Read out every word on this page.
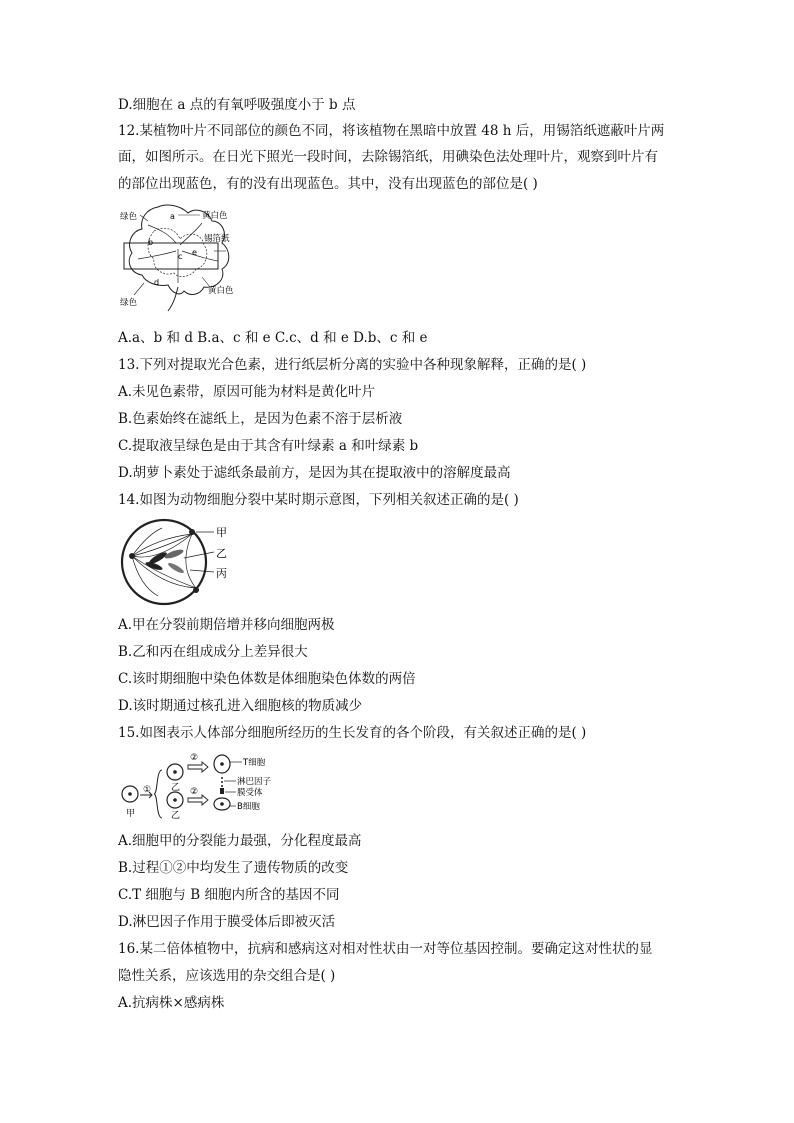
D.细胞在 a 点的有氧呼吸强度小于 b 点
12.某植物叶片不同部位的颜色不同，将该植物在黑暗中放置 48 h 后，用锡箔纸遮蔽叶片两
面，如图所示。在日光下照光一段时间，去除锡箔纸，用碘染色法处理叶片，观察到叶片有
的部位出现蓝色，有的没有出现蓝色。其中，没有出现蓝色的部位是( )
绿色	黄白色
锡箔纸
黄白色
绿色
a
b
c
d
e
A.a、b 和 d B.a、c 和 e C.c、d 和 e D.b、c 和 e
13.下列对提取光合色素，进行纸层析分离的实验中各种现象解释，正确的是( )
A.未见色素带，原因可能为材料是黄化叶片
B.色素始终在滤纸上，是因为色素不溶于层析液
C.提取液呈绿色是由于其含有叶绿素 a 和叶绿素 b
D.胡萝卜素处于滤纸条最前方，是因为其在提取液中的溶解度最高
14.如图为动物细胞分裂中某时期示意图，下列相关叙述正确的是( )
甲
乙
丙
A.甲在分裂前期倍增并移向细胞两极
B.乙和丙在组成成分上差异很大
C.该时期细胞中染色体数是体细胞染色体数的两倍
D.该时期通过核孔进入细胞核的物质减少
15.如图表示人体部分细胞所经历的生长发育的各个阶段，有关叙述正确的是( )
甲
① 乙
乙
②
②
T细胞
淋巴因子
膜受体
B细胞
A.细胞甲的分裂能力最强，分化程度最高
B.过程①②中均发生了遗传物质的改变
C.T 细胞与 B 细胞内所含的基因不同
D.淋巴因子作用于膜受体后即被灭活
16.某二倍体植物中，抗病和感病这对相对性状由一对等位基因控制。要确定这对性状的显
隐性关系，应该选用的杂交组合是( )
A.抗病株×感病株
